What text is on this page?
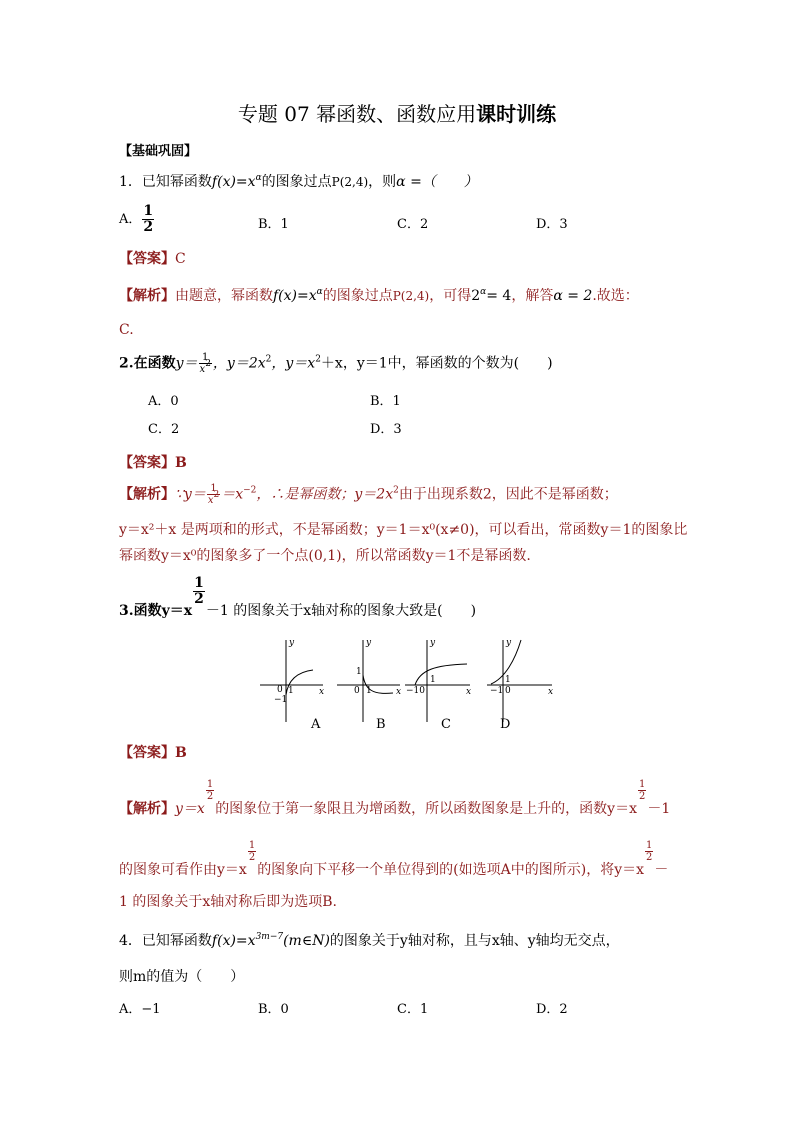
专题 07 幂函数、函数应用课时训练
【基础巩固】
1．已知幂函数$f(x)=x^\alpha$的图象过点P(2,4)，则α =（　　）
A． $\frac{1}{2}$	B．1	C．2	D．3
【答案】C
【解析】由题意，幂函数$f(x)=x^\alpha$的图象过点P(2,4)，可得$2^\alpha= 4$，解答α = 2.故选：
C.
2.在函数$y= \frac{1}{x^2}$ ，$y=2x^2$，$y=x^2+x$，y＝1中，幂函数的个数为(　　)
A．0	B．1
C．2	D．3
【答案】B
【解析】∵y＝ $\frac{1}{x^2} =x^{-2}$，∴是幂函数；$y=2x^2$由于出现系数2，因此不是幂函数；
y＝x²＋x 是两项和的形式，不是幂函数；y＝1＝x⁰(x≠0)，可以看出，常函数y＝1的图象比
幂函数y＝x⁰的图象多了一个点(0,1)，所以常函数y＝1不是幂函数.
3.函数y＝x
$\frac{1}{2}$
－1 的图象关于x轴对称的图象大致是(　　)
y
x
0 1
−1
y
x
1
0 1
y
x
−10
1
y
x
−1 0
1
A	B	C	D
【答案】B
【解析】y＝x
$\frac{1}{2}$
的图象位于第一象限且为增函数，所以函数图象是上升的，函数y＝x
$\frac{1}{2}$
－1
的图象可看作由y＝x
$\frac{1}{2}$
的图象向下平移一个单位得到的(如选项A中的图所示)，将y＝x
$\frac{1}{2}$
－
1 的图象关于x轴对称后即为选项B.
4．已知幂函数$f(x)=x^{3m-7}(m\in N)$的图象关于y轴对称，且与x轴、y轴均无交点，
则m的值为（　　）
A．−1	B．0	C．1	D．2
